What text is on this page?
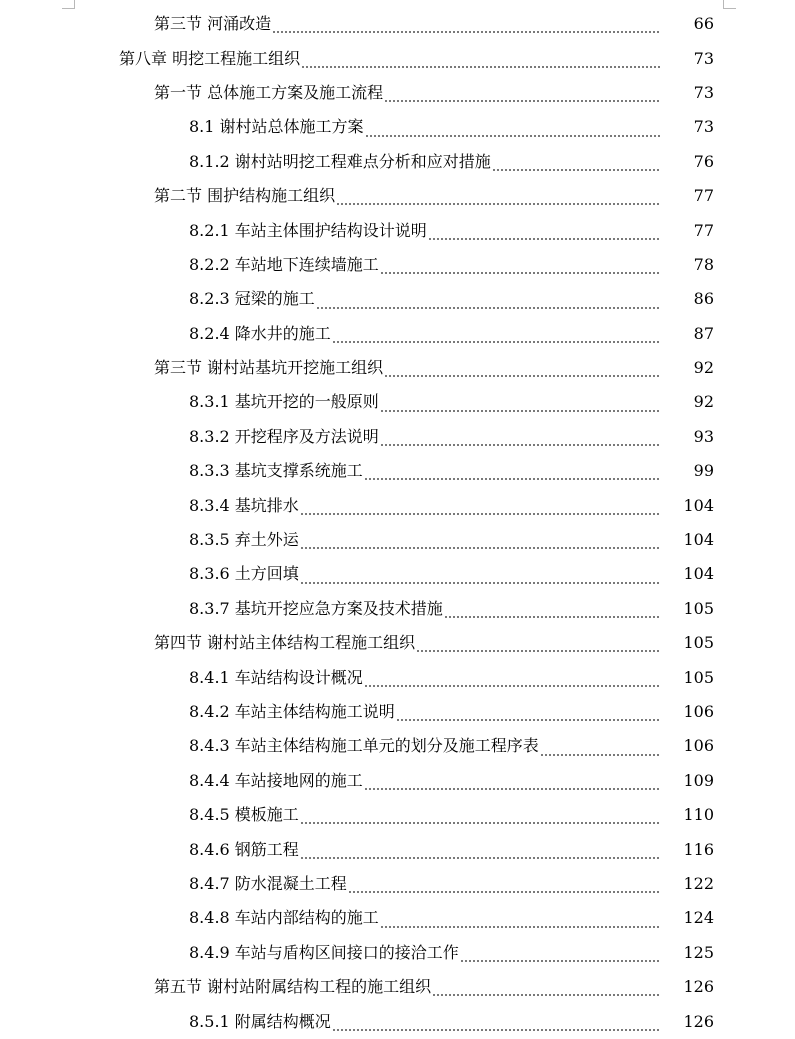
第三节 河涌改造	66
第八章 明挖工程施工组织	73
第一节 总体施工方案及施工流程	73
8.1 谢村站总体施工方案	73
8.1.2 谢村站明挖工程难点分析和应对措施	76
第二节 围护结构施工组织	77
8.2.1 车站主体围护结构设计说明	77
8.2.2 车站地下连续墙施工	78
8.2.3 冠梁的施工	86
8.2.4 降水井的施工	87
第三节 谢村站基坑开挖施工组织	92
8.3.1 基坑开挖的一般原则	92
8.3.2 开挖程序及方法说明	93
8.3.3 基坑支撑系统施工	99
8.3.4 基坑排水	104
8.3.5 弃土外运	104
8.3.6 土方回填	104
8.3.7 基坑开挖应急方案及技术措施	105
第四节 谢村站主体结构工程施工组织	105
8.4.1 车站结构设计概况	105
8.4.2 车站主体结构施工说明	106
8.4.3 车站主体结构施工单元的划分及施工程序表	106
8.4.4 车站接地网的施工	109
8.4.5 模板施工	110
8.4.6 钢筋工程	116
8.4.7 防水混凝土工程	122
8.4.8 车站内部结构的施工	124
8.4.9 车站与盾构区间接口的接洽工作	125
第五节 谢村站附属结构工程的施工组织	126
8.5.1 附属结构概况	126
